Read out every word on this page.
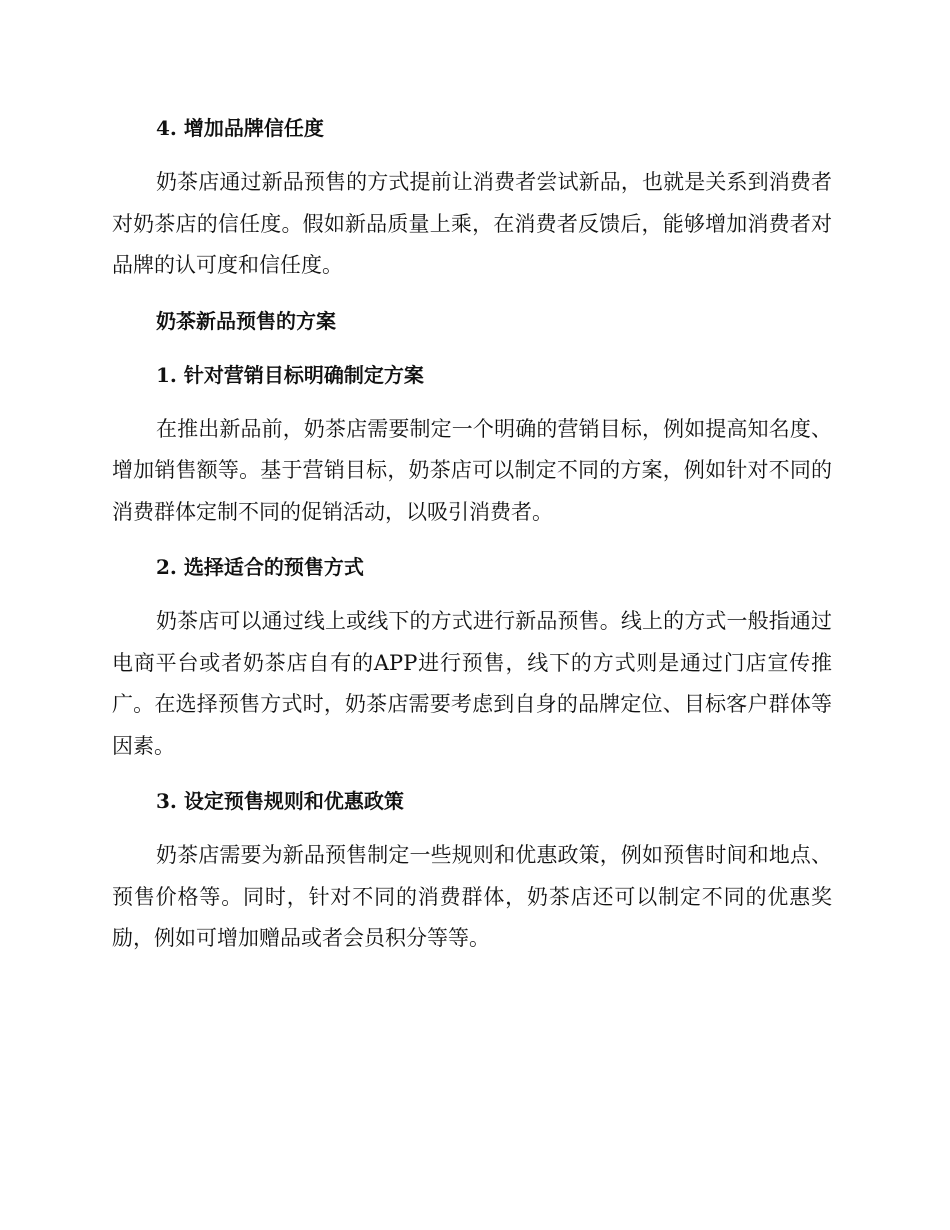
4. 增加品牌信任度

奶茶店通过新品预售的方式提前让消费者尝试新品，也就是关系到消费者对奶茶店的信任度。假如新品质量上乘，在消费者反馈后，能够增加消费者对品牌的认可度和信任度。

奶茶新品预售的方案

1. 针对营销目标明确制定方案

在推出新品前，奶茶店需要制定一个明确的营销目标，例如提高知名度、增加销售额等。基于营销目标，奶茶店可以制定不同的方案，例如针对不同的消费群体定制不同的促销活动，以吸引消费者。

2. 选择适合的预售方式

奶茶店可以通过线上或线下的方式进行新品预售。线上的方式一般指通过电商平台或者奶茶店自有的APP进行预售，线下的方式则是通过门店宣传推广。在选择预售方式时，奶茶店需要考虑到自身的品牌定位、目标客户群体等因素。

3. 设定预售规则和优惠政策

奶茶店需要为新品预售制定一些规则和优惠政策，例如预售时间和地点、预售价格等。同时，针对不同的消费群体，奶茶店还可以制定不同的优惠奖励，例如可增加赠品或者会员积分等等。
